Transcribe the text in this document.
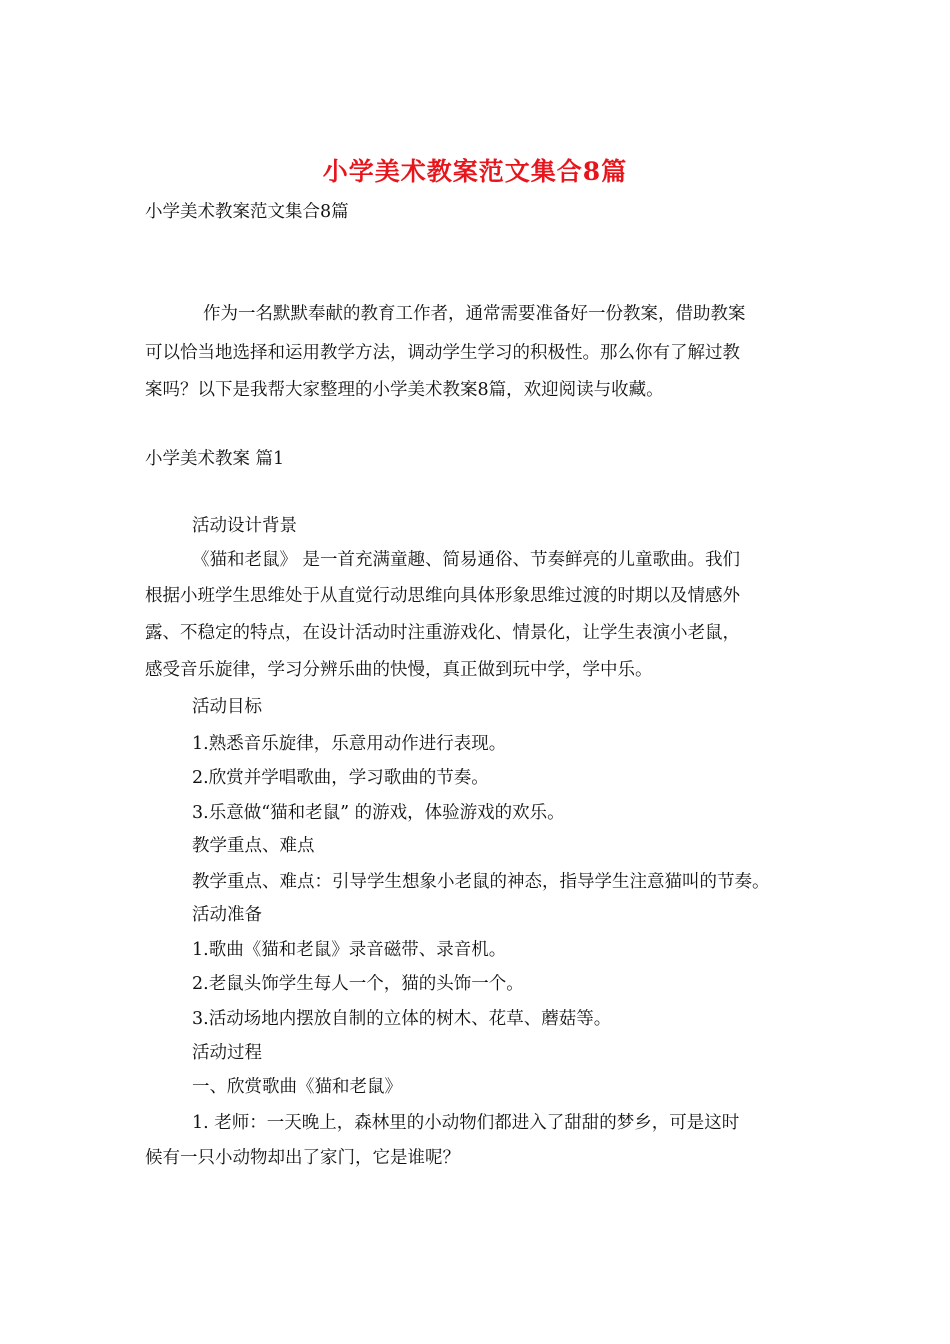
小学美术教案范文集合8篇
小学美术教案范文集合8篇
作为一名默默奉献的教育工作者，通常需要准备好一份教案，借助教案
可以恰当地选择和运用教学方法，调动学生学习的积极性。那么你有了解过教
案吗？以下是我帮大家整理的小学美术教案8篇，欢迎阅读与收藏。
小学美术教案 篇1
活动设计背景
《猫和老鼠》 是一首充满童趣、简易通俗、节奏鲜亮的儿童歌曲。我们
根据小班学生思维处于从直觉行动思维向具体形象思维过渡的时期以及情感外
露、不稳定的特点，在设计活动时注重游戏化、情景化，让学生表演小老鼠，
感受音乐旋律，学习分辨乐曲的快慢，真正做到玩中学，学中乐。
活动目标
1.熟悉音乐旋律，乐意用动作进行表现。
2.欣赏并学唱歌曲，学习歌曲的节奏。
3.乐意做“猫和老鼠” 的游戏，体验游戏的欢乐。
教学重点、难点
教学重点、难点：引导学生想象小老鼠的神态，指导学生注意猫叫的节奏。
活动准备
1.歌曲《猫和老鼠》录音磁带、录音机。
2.老鼠头饰学生每人一个，猫的头饰一个。
3.活动场地内摆放自制的立体的树木、花草、蘑菇等。
活动过程
一、欣赏歌曲《猫和老鼠》
1. 老师：一天晚上，森林里的小动物们都进入了甜甜的梦乡，可是这时
候有一只小动物却出了家门，它是谁呢？
